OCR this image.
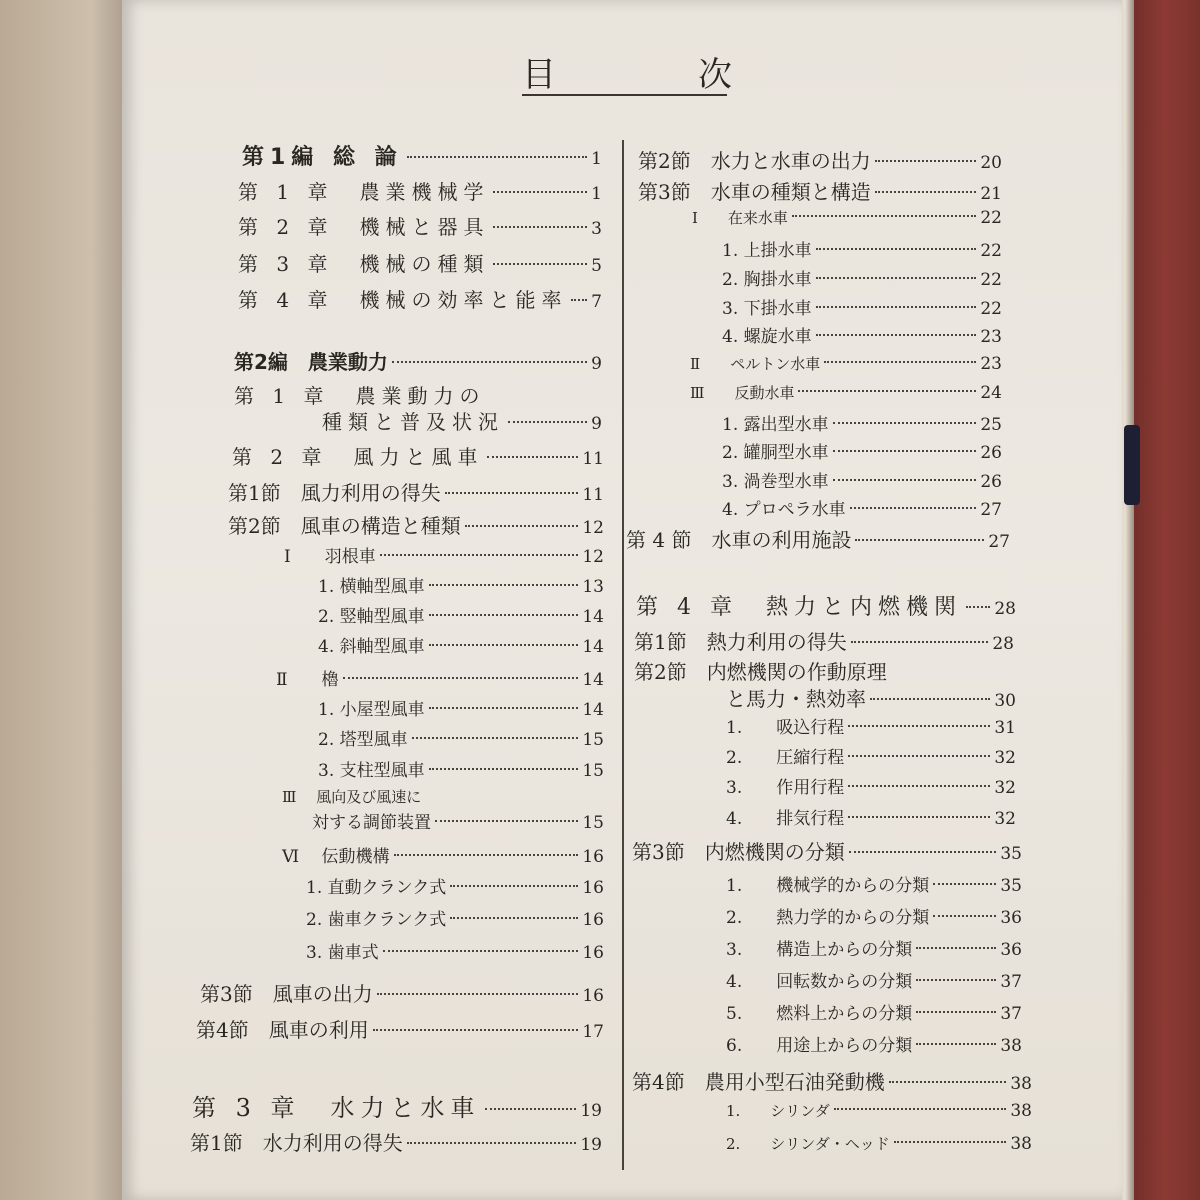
目	次
第1編 総 論	1
第 1 章　農業機械学	1
第 2 章　機械と器具	3
第 3 章　機械の種類	5
第 4 章　機械の効率と能率 7
第2編　農業動力	9
第 1 章　農業動力の
種類と普及状況	9
第 2 章　風力と風車	11
第1節　風力利用の得失	11
第2節　風車の構造と種類	12
Ⅰ　　羽根車	12
1. 横軸型風車	13
2. 竪軸型風車	14
4. 斜軸型風車	14
Ⅱ　　櫓	14
1. 小屋型風車	14
2. 塔型風車	15
3. 支柱型風車	15
Ⅲ　 風向及び風速に
対する調節装置	15
Ⅵ　 伝動機構	16
1. 直動クランク式	16
2. 歯車クランク式	16
3. 歯車式	16
第3節　風車の出力	16
第4節　風車の利用	17
第 3 章　水力と水車	19
第1節　水力利用の得失	19
第2節　水力と水車の出力	20
第3節　水車の種類と構造	21
Ⅰ　　在来水車	22
1. 上掛水車	22
2. 胸掛水車	22
3. 下掛水車	22
4. 螺旋水車	23
Ⅱ　　ペルトン水車	23
Ⅲ　　反動水車	24
1. 露出型水車	25
2. 罐胴型水車	26
3. 渦巻型水車	26
4. プロペラ水車	27
第 4 節　水車の利用施設	27
第 4 章　熱力と内燃機関 28
第1節　熱力利用の得失	28
第2節　内燃機関の作動原理
と馬力・熱効率	30
1.　　吸込行程	31
2.　　圧縮行程	32
3.　　作用行程	32
4.　　排気行程	32
第3節　内燃機関の分類	35
1.　　機械学的からの分類	35
2.　　熱力学的からの分類	36
3.　　構造上からの分類	36
4.　　回転数からの分類	37
5.　　燃料上からの分類	37
6.　　用途上からの分類	38
第4節　農用小型石油発動機	38
1.　　シリンダ	38
2.　　シリンダ・ヘッド	38
